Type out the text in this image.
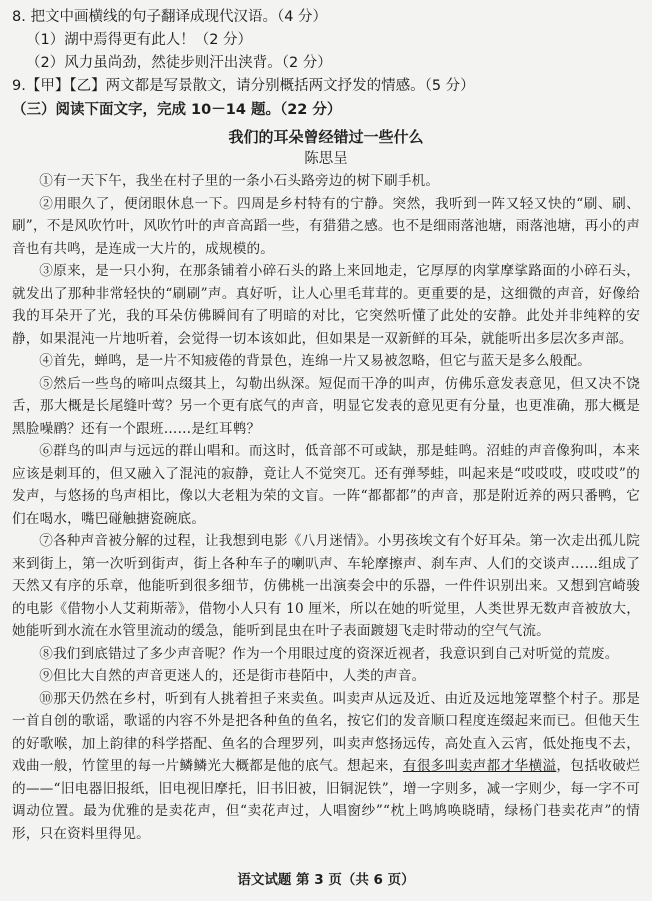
8. 把文中画横线的句子翻译成现代汉语。（4 分）
（1）湖中焉得更有此人！（2 分）
（2）风力虽尚劲，然徒步则汗出浃背。（2 分）
9.【甲】【乙】两文都是写景散文，请分别概括两文抒发的情感。（5 分）
（三）阅读下面文字，完成 10－14 题。（22 分）
我们的耳朵曾经错过一些什么
陈思呈

①有一天下午，我坐在村子里的一条小石头路旁边的树下刷手机。

②用眼久了，便闭眼休息一下。四周是乡村特有的宁静。突然，我听到一阵又轻又快的“刷、刷、刷”，不是风吹竹叶，风吹竹叶的声音高蹈一些，有猎猎之感。也不是细雨落池塘，雨落池塘，再小的声音也有共鸣，是连成一大片的，成规模的。

③原来，是一只小狗，在那条铺着小碎石头的路上来回地走，它厚厚的肉掌摩挲路面的小碎石头，就发出了那种非常轻快的“刷刷”声。真好听，让人心里毛茸茸的。更重要的是，这细微的声音，好像给我的耳朵开了光，我的耳朵仿佛瞬间有了明暗的对比，它突然听懂了此处的安静。此处并非纯粹的安静，如果混沌一片地听着，会觉得一切本该如此，但如果是一双新鲜的耳朵，就能听出多层次多声部。

④首先，蝉鸣，是一片不知疲倦的背景色，连绵一片又易被忽略，但它与蓝天是多么般配。

⑤然后一些鸟的啼叫点缀其上，勾勒出纵深。短促而干净的叫声，仿佛乐意发表意见，但又决不饶舌，那大概是长尾缝叶莺？另一个更有底气的声音，明显它发表的意见更有分量，也更准确，那大概是黑脸噪鹛？还有一个跟班……是红耳鹎？

⑥群鸟的叫声与远远的群山唱和。而这时，低音部不可或缺，那是蛙鸣。沼蛙的声音像狗叫，本来应该是刺耳的，但又融入了混沌的寂静，竟让人不觉突兀。还有弹琴蛙，叫起来是“哎哎哎，哎哎哎”的发声，与悠扬的鸟声相比，像以大老粗为荣的文盲。一阵“都都都”的声音，那是附近养的两只番鸭，它们在喝水，嘴巴碰触搪瓷碗底。

⑦各种声音被分解的过程，让我想到电影《八月迷情》。小男孩埃文有个好耳朵。第一次走出孤儿院来到街上，第一次听到街声，街上各种车子的喇叭声、车轮摩擦声、刹车声、人们的交谈声……组成了天然又有序的乐章，他能听到很多细节，仿佛桃一出演奏会中的乐器，一件件识别出来。又想到宫崎骏的电影《借物小人艾莉斯蒂》，借物小人只有 10 厘米，所以在她的听觉里，人类世界无数声音被放大，她能听到水流在水管里流动的缓急，能听到昆虫在叶子表面踱翅飞走时带动的空气气流。

⑧我们到底错过了多少声音呢？作为一个用眼过度的资深近视者，我意识到自己对听觉的荒废。

⑨但比大自然的声音更迷人的，还是街市巷陌中，人类的声音。

⑩那天仍然在乡村，听到有人挑着担子来卖鱼。叫卖声从远及近、由近及远地笼罩整个村子。那是一首自创的歌谣，歌谣的内容不外是把各种鱼的鱼名，按它们的发音顺口程度连缀起来而已。但他天生的好歌喉，加上韵律的科学搭配、鱼名的合理罗列，叫卖声悠扬远传，高处直入云宵，低处拖曳不去，戏曲一般，竹筐里的每一片鳞鳞光大概都是他的底气。想起来，有很多叫卖声都才华横溢，包括收破烂的——“旧电器旧报纸，旧电视旧摩托，旧书旧被，旧铜泥铁”，增一字则多，减一字则少，每一字不可调动位置。最为优雅的是卖花声，但“卖花声过，人唱窗纱”“枕上鸣鸠唤晓晴，绿杨门巷卖花声”的情形，只在资料里得见。

语文试题 第 3 页（共 6 页）
